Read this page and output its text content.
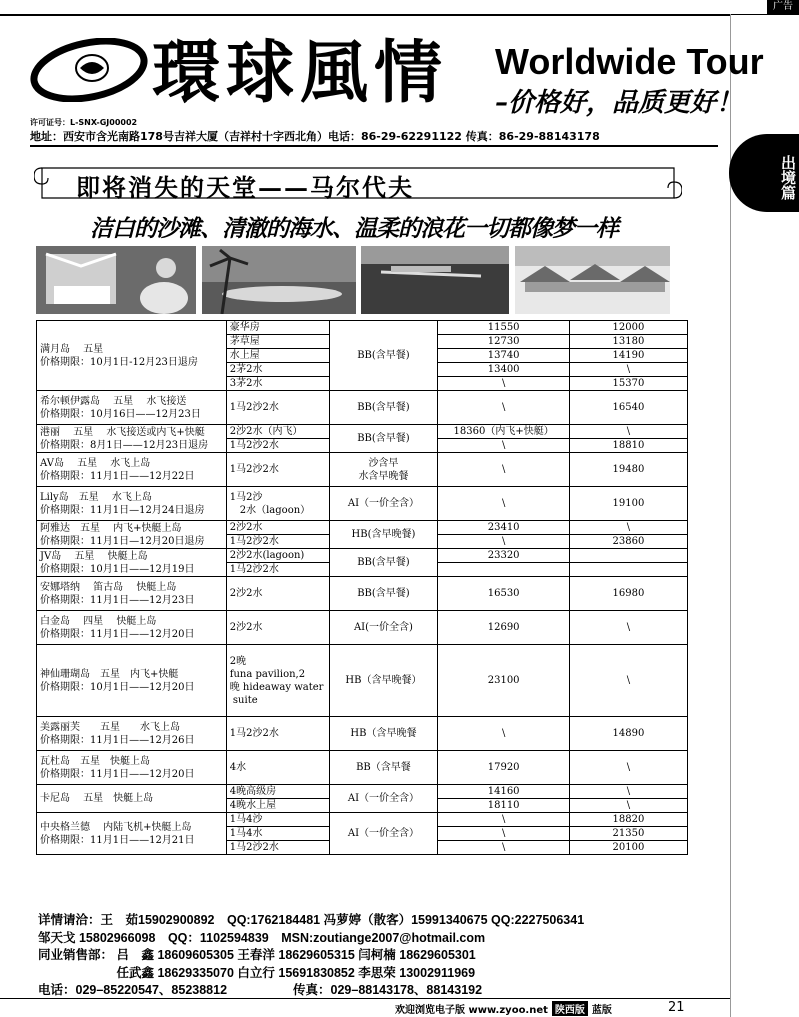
广告
環球風情 Worldwide Tour
–价格好，品质更好！
许可证号：L-SNX-GJ00002
地址：西安市含光南路178号吉祥大厦（吉祥村十字西北角）电话：86-29-62291122 传真：86-29-88143178
出境篇
即将消失的天堂——马尔代夫
洁白的沙滩、清澈的海水、温柔的浪花一切都像梦一样
满月岛　 五星
价格期限：10月1日-12月23日退房	豪华房	BB(含早餐)	11550	12000
	茅草屋		12730	13180
	水上屋		13740	14190
	2茅2水		13400	\
	3茅2水		\	15370

希尔顿伊露岛　 五星　 水飞接送
价格期限：10月16日——12月23日	1马2沙2水	BB(含早餐)	\	16540

港丽　 五星　 水飞接送或内飞+快艇
价格期限：8月1日——12月23日退房	2沙2水（内飞）	BB(含早餐)	18360（内飞+快艇）	\
	1马2沙2水		\	18810

AV岛　 五星　 水飞上岛
价格期限：11月1日——12月22日	1马2沙2水	沙含早
水含早晚餐	\	19480

Lily岛　五星　 水飞上岛
价格期限：11月1日—12月24日退房	1马2沙
　2水（lagoon）	AI（一价全含）	\	19100

阿雅达　五星　 内飞+快艇上岛
价格期限：11月1日—12月20日退房	2沙2水	HB(含早晚餐)	23410	\
	1马2沙2水		\	23860

JV岛　 五星　 快艇上岛
价格期限：10月1日——12月19日	2沙2水(lagoon)	BB(含早餐)	23320	
	1马2沙2水			

安娜塔纳　 笛古岛　 快艇上岛
价格期限：11月1日——12月23日	2沙2水	BB(含早餐)	16530	16980

白金岛　 四星　 快艇上岛
价格期限：11月1日——12月20日	2沙2水	AI(一价全含)	12690	\

神仙珊瑚岛　五星　内飞+快艇
价格期限：10月1日——12月20日	2晚
funa pavilion,2
晚 hideaway water
suite	HB（含早晚餐）	23100	\

美露丽芙　　五星　　水飞上岛
价格期限：11月1日——12月26日	1马2沙2水	HB（含早晚餐	\	14890

瓦杜岛　五星　快艇上岛
价格期限：11月1日——12月20日	4水	BB（含早餐	17920	\

卡尼岛　 五星　快艇上岛	4晚高级房	AI（一价全含）	14160	\
	4晚水上屋		18110	\

中央格兰德　 内陆飞机+快艇上岛
价格期限：11月1日——12月21日	1马4沙	AI（一价全含）	\	18820
	1马4水		\	21350
	1马2沙2水		\	20100
详情请洽：王　茹15902900892　QQ:1762184481 冯萝婷（散客）15991340675 QQ:2227506341
邹天戈 15802966098　QQ：1102594839　MSN:zoutiange2007@hotmail.com
同业销售部： 吕　鑫 18609605305 王春洋 18629605315 闫柯楠 18629605301
　　　　　　 任武鑫 18629335070 白立行 15691830852 李思荣 13002911969
电话：029–85220547、85238812　　　　　 传真：029–88143178、88143192
欢迎浏览电子版 www.zyoo.net 陕西版 蓝版	21
